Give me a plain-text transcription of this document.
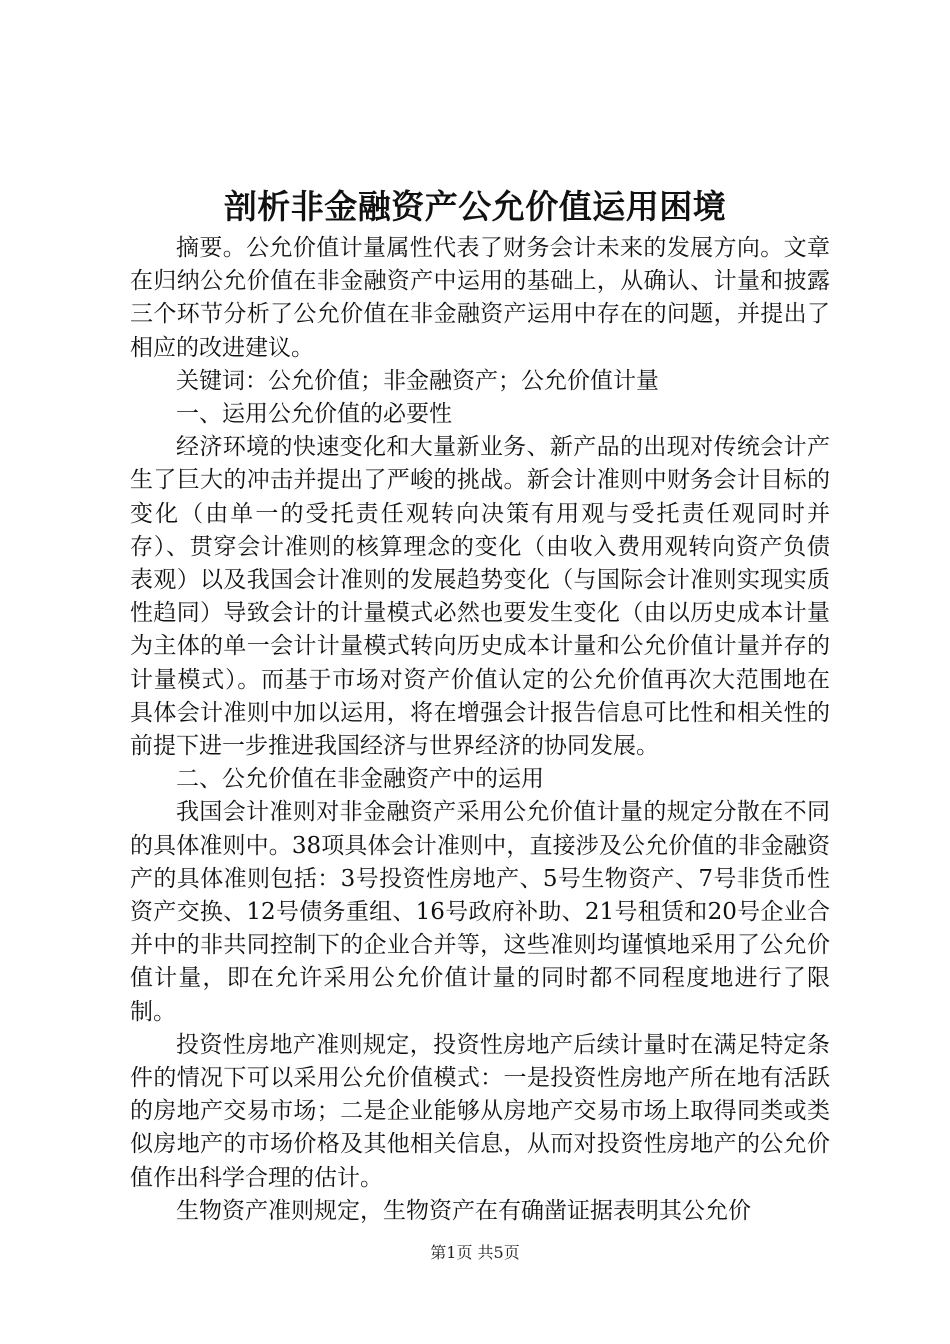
剖析非金融资产公允价值运用困境

摘要。公允价值计量属性代表了财务会计未来的发展方向。文章在归纳公允价值在非金融资产中运用的基础上，从确认、计量和披露三个环节分析了公允价值在非金融资产运用中存在的问题，并提出了相应的改进建议。

关键词：公允价值；非金融资产；公允价值计量

一、运用公允价值的必要性

经济环境的快速变化和大量新业务、新产品的出现对传统会计产生了巨大的冲击并提出了严峻的挑战。新会计准则中财务会计目标的变化（由单一的受托责任观转向决策有用观与受托责任观同时并存）、贯穿会计准则的核算理念的变化（由收入费用观转向资产负债表观）以及我国会计准则的发展趋势变化（与国际会计准则实现实质性趋同）导致会计的计量模式必然也要发生变化（由以历史成本计量为主体的单一会计计量模式转向历史成本计量和公允价值计量并存的计量模式）。而基于市场对资产价值认定的公允价值再次大范围地在具体会计准则中加以运用，将在增强会计报告信息可比性和相关性的前提下进一步推进我国经济与世界经济的协同发展。

二、公允价值在非金融资产中的运用

我国会计准则对非金融资产采用公允价值计量的规定分散在不同的具体准则中。38项具体会计准则中，直接涉及公允价值的非金融资产的具体准则包括：3号投资性房地产、5号生物资产、7号非货币性资产交换、12号债务重组、16号政府补助、21号租赁和20号企业合并中的非共同控制下的企业合并等，这些准则均谨慎地采用了公允价值计量，即在允许采用公允价值计量的同时都不同程度地进行了限制。

投资性房地产准则规定，投资性房地产后续计量时在满足特定条件的情况下可以采用公允价值模式：一是投资性房地产所在地有活跃的房地产交易市场；二是企业能够从房地产交易市场上取得同类或类似房地产的市场价格及其他相关信息，从而对投资性房地产的公允价值作出科学合理的估计。

生物资产准则规定，生物资产在有确凿证据表明其公允价

第1页 共5页
